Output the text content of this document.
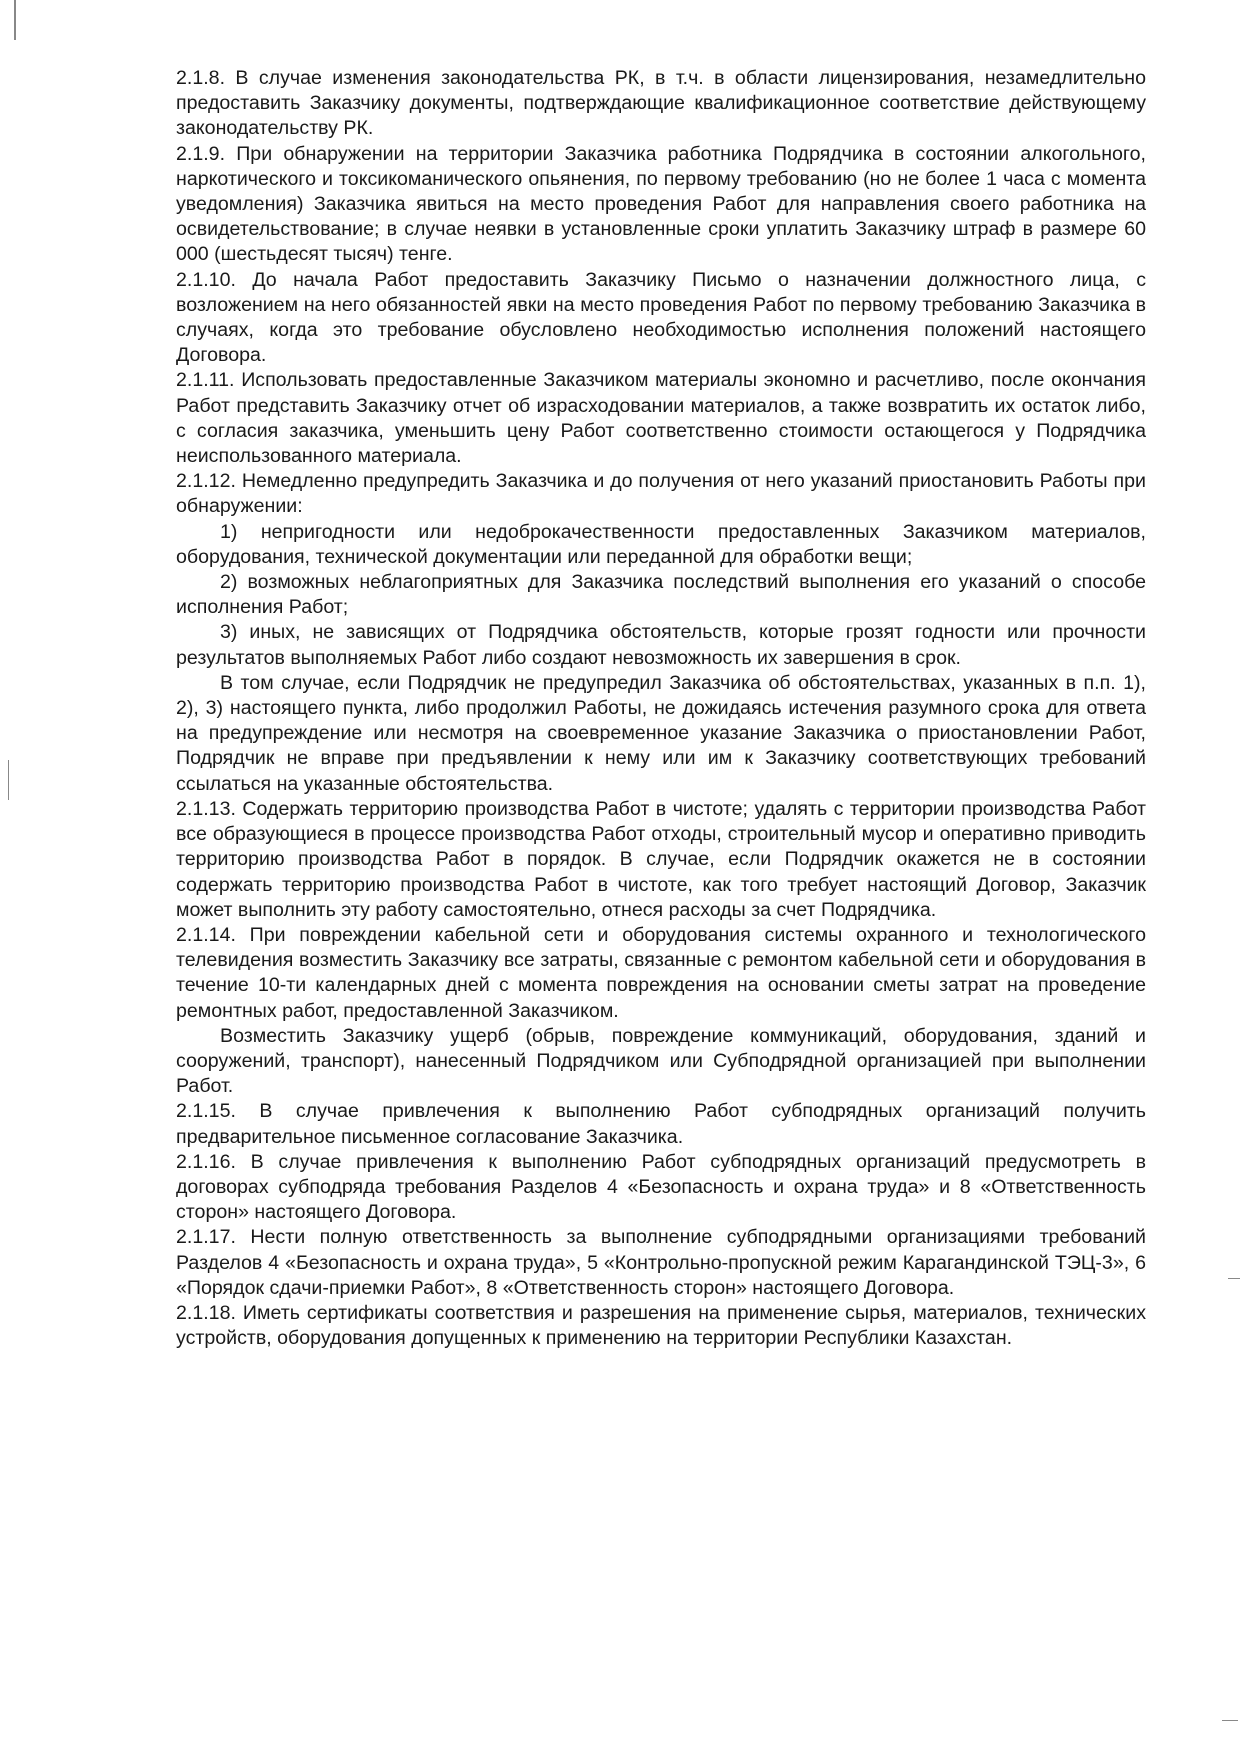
2.1.8. В случае изменения законодательства РК, в т.ч. в области лицензирования, незамедлительно предоставить Заказчику документы, подтверждающие квалификационное соответствие действующему законодательству РК.

2.1.9. При обнаружении на территории Заказчика работника Подрядчика в состоянии алкогольного, наркотического и токсикоманического опьянения, по первому требованию (но не более 1 часа с момента уведомления) Заказчика явиться на место проведения Работ для направления своего работника на освидетельствование; в случае неявки в установленные сроки уплатить Заказчику штраф в размере 60 000 (шестьдесят тысяч) тенге.

2.1.10. До начала Работ предоставить Заказчику Письмо о назначении должностного лица, с возложением на него обязанностей явки на место проведения Работ по первому требованию Заказчика в случаях, когда это требование обусловлено необходимостью исполнения положений настоящего Договора.

2.1.11. Использовать предоставленные Заказчиком материалы экономно и расчетливо, после окончания Работ представить Заказчику отчет об израсходовании материалов, а также возвратить их остаток либо, с согласия заказчика, уменьшить цену Работ соответственно стоимости остающегося у Подрядчика неиспользованного материала.

2.1.12. Немедленно предупредить Заказчика и до получения от него указаний приостановить Работы при обнаружении:

1) непригодности или недоброкачественности предоставленных Заказчиком материалов, оборудования, технической документации или переданной для обработки вещи;

2) возможных неблагоприятных для Заказчика последствий выполнения его указаний о способе исполнения Работ;

3) иных, не зависящих от Подрядчика обстоятельств, которые грозят годности или прочности результатов выполняемых Работ либо создают невозможность их завершения в срок.

В том случае, если Подрядчик не предупредил Заказчика об обстоятельствах, указанных в п.п. 1), 2), 3) настоящего пункта, либо продолжил Работы, не дожидаясь истечения разумного срока для ответа на предупреждение или несмотря на своевременное указание Заказчика о приостановлении Работ, Подрядчик не вправе при предъявлении к нему или им к Заказчику соответствующих требований ссылаться на указанные обстоятельства.

2.1.13. Содержать территорию производства Работ в чистоте; удалять с территории производства Работ все образующиеся в процессе производства Работ отходы, строительный мусор и оперативно приводить территорию производства Работ в порядок. В случае, если Подрядчик окажется не в состоянии содержать территорию производства Работ в чистоте, как того требует настоящий Договор, Заказчик может выполнить эту работу самостоятельно, отнеся расходы за счет Подрядчика.

2.1.14. При повреждении кабельной сети и оборудования системы охранного и технологического телевидения возместить Заказчику все затраты, связанные с ремонтом кабельной сети и оборудования в течение 10-ти календарных дней с момента повреждения на основании сметы затрат на проведение ремонтных работ, предоставленной Заказчиком.

Возместить Заказчику ущерб (обрыв, повреждение коммуникаций, оборудования, зданий и сооружений, транспорт), нанесенный Подрядчиком или Субподрядной организацией при выполнении Работ.

2.1.15. В случае привлечения к выполнению Работ субподрядных организаций получить предварительное письменное согласование Заказчика.

2.1.16. В случае привлечения к выполнению Работ субподрядных организаций предусмотреть в договорах субподряда требования Разделов 4 «Безопасность и охрана труда» и 8 «Ответственность сторон» настоящего Договора.

2.1.17. Нести полную ответственность за выполнение субподрядными организациями требований Разделов 4 «Безопасность и охрана труда», 5 «Контрольно-пропускной режим Карагандинской ТЭЦ-3», 6 «Порядок сдачи-приемки Работ», 8 «Ответственность сторон» настоящего Договора.

2.1.18. Иметь сертификаты соответствия и разрешения на применение сырья, материалов, технических устройств, оборудования допущенных к применению на территории Республики Казахстан.
